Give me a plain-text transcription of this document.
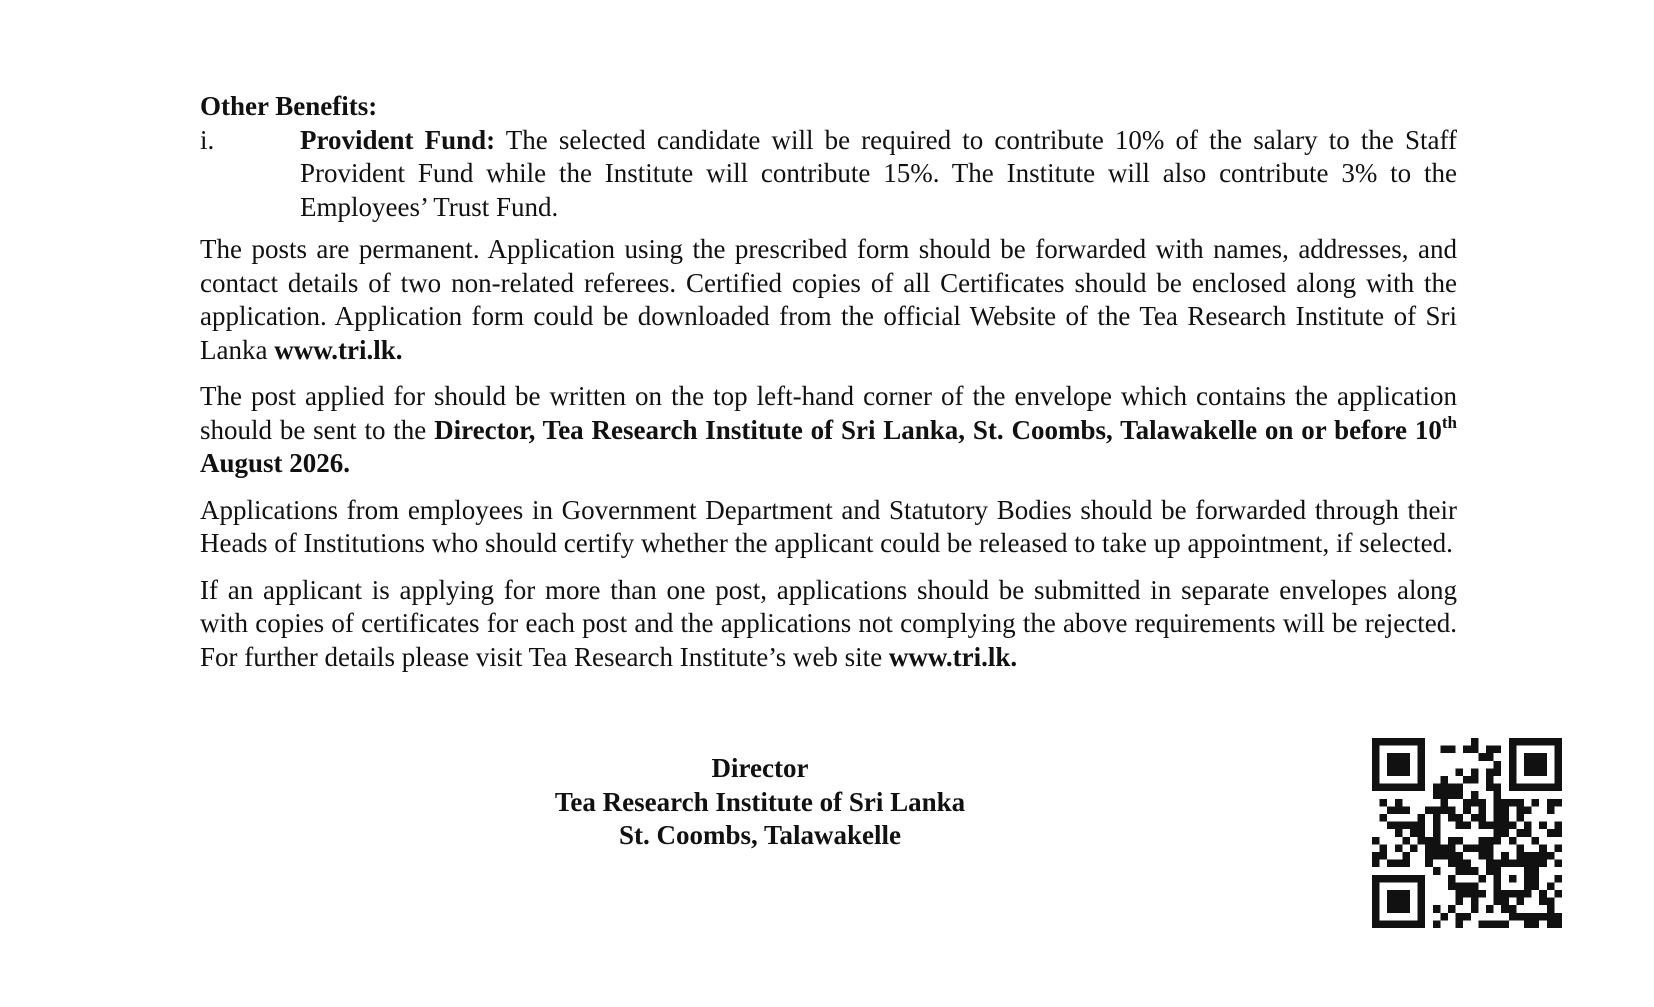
Other Benefits:

i.	Provident Fund: The selected candidate will be required to contribute 10% of the salary to the Staff Provident Fund while the Institute will contribute 15%. The Institute will also contribute 3% to the Employees’ Trust Fund.

The posts are permanent. Application using the prescribed form should be forwarded with names, addresses, and contact details of two non-related referees. Certified copies of all Certificates should be enclosed along with the application. Application form could be downloaded from the official Website of the Tea Research Institute of Sri Lanka www.tri.lk.

The post applied for should be written on the top left-hand corner of the envelope which contains the application should be sent to the Director, Tea Research Institute of Sri Lanka, St. Coombs, Talawakelle on or before 10th August 2026.

Applications from employees in Government Department and Statutory Bodies should be forwarded through their Heads of Institutions who should certify whether the applicant could be released to take up appointment, if selected.

If an applicant is applying for more than one post, applications should be submitted in separate envelopes along with copies of certificates for each post and the applications not complying the above requirements will be rejected. For further details please visit Tea Research Institute’s web site www.tri.lk.

Director
Tea Research Institute of Sri Lanka
St. Coombs, Talawakelle
